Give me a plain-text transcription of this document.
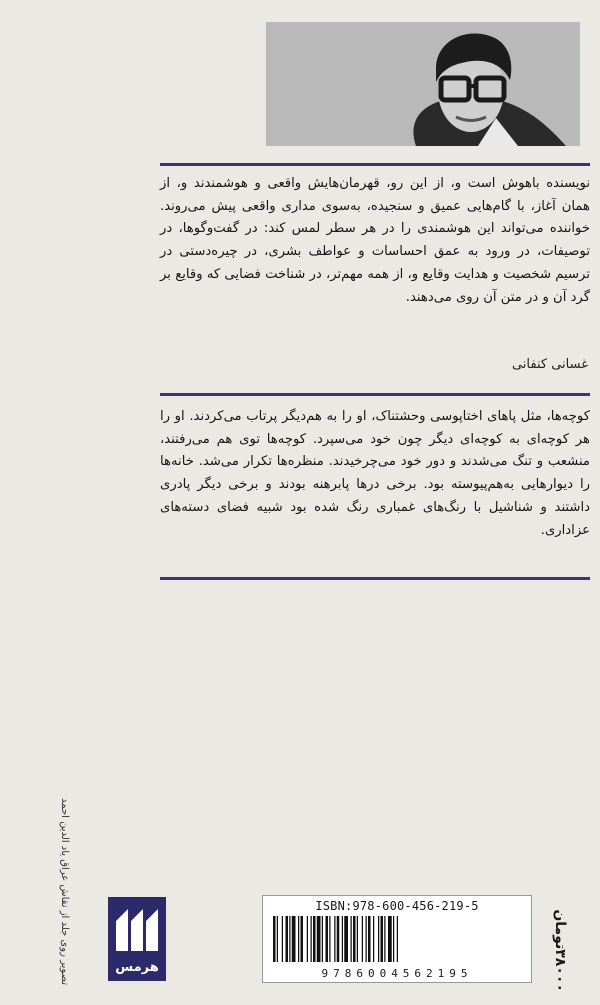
نویسنده باهوش است و، از این رو، قهرمان‌هایش واقعی و هوشمندند و، از همان آغاز، با گام‌هایی عمیق و سنجیده، به‌سوی مداری واقعی پیش می‌روند. خواننده می‌تواند این هوشمندی را در هر سطر لمس کند: در گفت‌وگوها، در توصیفات، در ورود به عمق احساسات و عواطف بشری، در چیره‌دستی در ترسیم شخصیت و هدایت وقایع و، از همه مهم‌تر، در شناخت فضایی که وقایع بر گرد آن و در متن آن روی می‌دهند.
غسانی کنفانی
کوچه‌ها، مثل پاهای اختاپوسی وحشتناک، او را به هم‌دیگر پرتاب می‌کردند. او را هر کوچه‌ای به کوچه‌ای دیگر چون خود می‌سپرد. کوچه‌ها توی هم می‌رفتند، منشعب و تنگ می‌شدند و دور خود می‌چرخیدند. منظره‌ها تکرار می‌شد. خانه‌ها را دیوارهایی به‌هم‌پیوسته بود. برخی درها پابرهنه بودند و برخی دیگر پادری داشتند و شناشیل با رنگ‌های غمباری رنگ شده بود شبیه فضای دسته‌های عزاداری.
تصویر روی جلد از نقاش عراق یاد الدین احمد	هرمس
ISBN:978-600-456-219-5
9786004562195
۳۸۰۰۰تومان
